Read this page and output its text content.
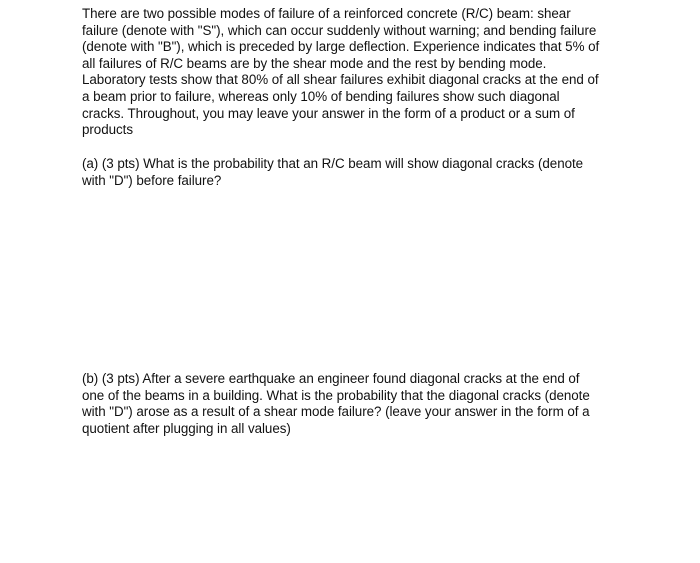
There are two possible modes of failure of a reinforced concrete (R/C) beam: shear
failure (denote with "S"), which can occur suddenly without warning; and bending failure
(denote with "B"), which is preceded by large deflection. Experience indicates that 5% of
all failures of R/C beams are by the shear mode and the rest by bending mode.
Laboratory tests show that 80% of all shear failures exhibit diagonal cracks at the end of
a beam prior to failure, whereas only 10% of bending failures show such diagonal
cracks. Throughout, you may leave your answer in the form of a product or a sum of
products

(a) (3 pts) What is the probability that an R/C beam will show diagonal cracks (denote
with "D") before failure?

(b) (3 pts) After a severe earthquake an engineer found diagonal cracks at the end of
one of the beams in a building. What is the probability that the diagonal cracks (denote
with "D") arose as a result of a shear mode failure? (leave your answer in the form of a
quotient after plugging in all values)
